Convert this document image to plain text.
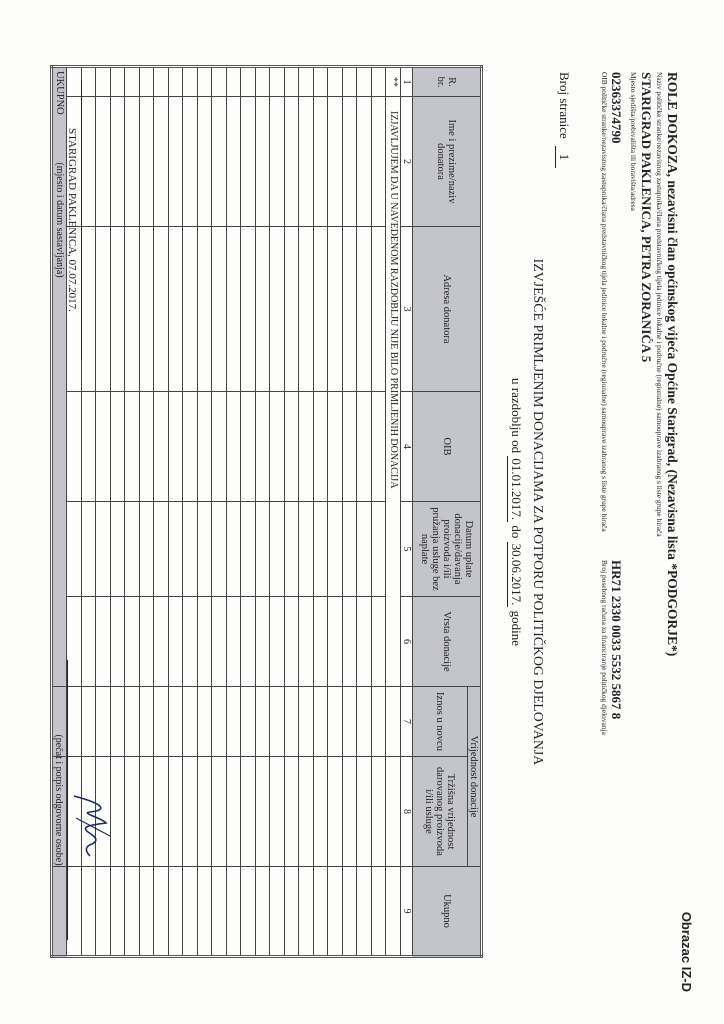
Obrazac IZ-D
ROLE DOKOZA, nezavisni član općinskog vijeća Općine Starigrad, (Nezavisna lista *PODGORJE*)
Naziv političke stranke/nezavisnog zastupnika/člana predstavničkog tijela jedinice lokalne i područne (regionalne) samouprave izabranog s liste grupe birača
STARIGRAD PAKLENICA, PETRA ZORANIĆA 5
Mjesto sjedišta/prebivališta ili boravišta/adresa
02363374790
OIB političke stranke/nezavisnog zastupnika/člana predstavničkog tijela jedinice lokalne i područne (regionalne) samouprave izabranog s liste grupe birača
HR71 2330 0033 5532 5867 8
Broj posebnog računa za financiranje političkog djelovanja
Broj stranice 1
IZVJEŠĆE PRIMLJENIM DONACIJAMA ZA POTPORU POLITIČKOG DJELOVANJA
u razdoblju od 01.01.2017. do 30.06.2017. godine
R. br.	Ime i prezime/naziv donatora	Adresa donatora	OIB	Datum uplate donacije/davanja proizvoda i/ili pružanja usluge bez naplate	Vrsta donacije	Vrijednost donacije		Ukupno
						Iznos u novcu	Tržišna vrijednost darovanog proizvoda i/ili usluge	
1	2	3	4	5	6	7	8	9
**	IZJAVLJUJEM DA U NAVEDENOM RAZDOBLJU NIJE BILO PRIMLJENIH DONACIJA							

UKUPNO								
STARIGRAD PAKLENICA, 07.07.2017.
(mjesto i datum sastavljanja)
(pečat i potpis odgovorne osobe)
